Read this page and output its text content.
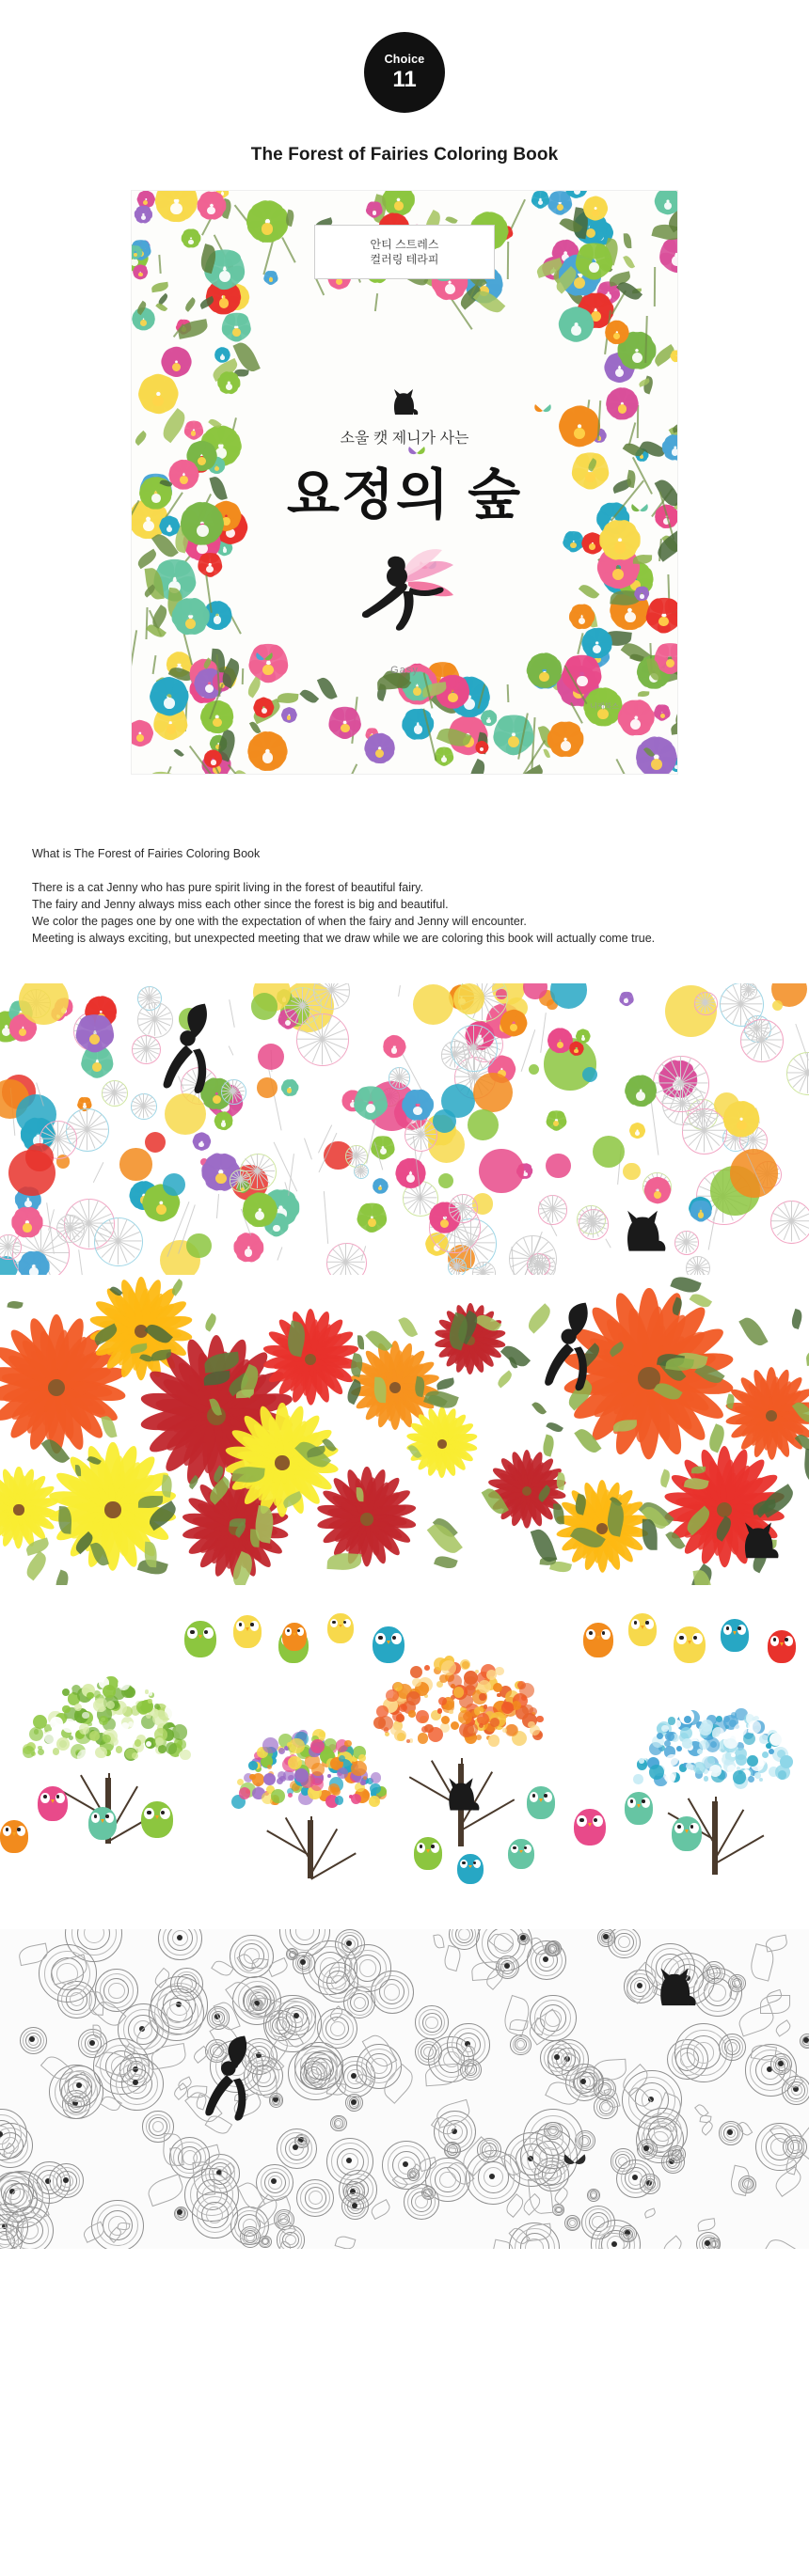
Choice
11
The Forest of Fairies Coloring Book
안티 스트레스
컬러링 테라피
소울 캣 제니가 사는
요정의 숲
Gasy
니케북스
What is The Forest of Fairies Coloring Book

There is a cat Jenny who has pure spirit living in the forest of beautiful fairy.

The fairy and Jenny always miss each other since the forest is big and beautiful.

We color the pages one by one with the expectation of when the fairy and Jenny will encounter.

Meeting is always exciting, but unexpected meeting that we draw while we are coloring this book will actually come true.
